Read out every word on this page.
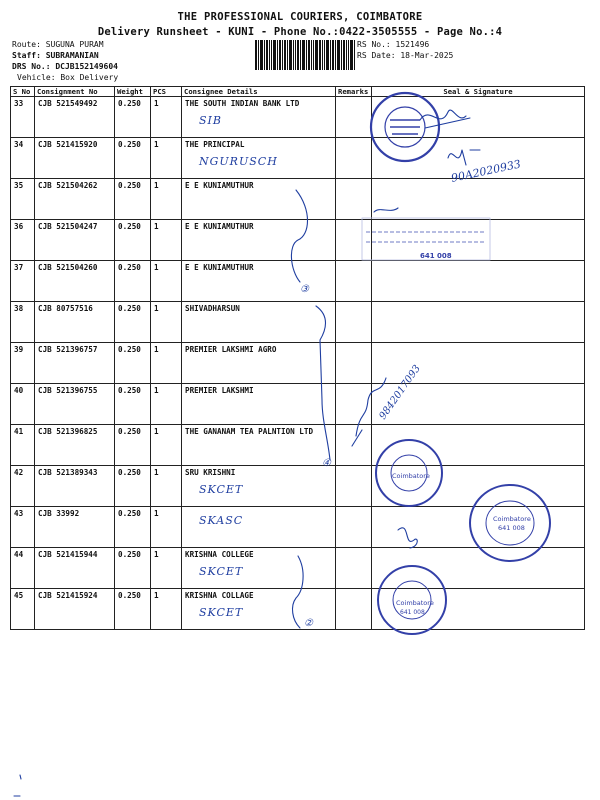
THE PROFESSIONAL COURIERS, COIMBATORE
Delivery Runsheet - KUNI - Phone No.:0422-3505555 - Page No.:4
Route: SUGUNA PURAM
Staff: SUBRAMANIAN
DRS No.: DCJB152149604
Vehicle: Box Delivery
RS No.: 1521496
RS Date: 18-Mar-2025
S No	Consignment No	Weight	PCS	Consignee Details	Remarks	Seal & Signature
33	CJB 521549492	0.250	1	THE SOUTH INDIAN BANK LTD
SIB		

34	CJB 521415920	0.250	1	THE PRINCIPAL
NGURUSCH		

35	CJB 521504262	0.250	1	E E KUNIAMUTHUR		
36	CJB 521504247	0.250	1	E E KUNIAMUTHUR		
37	CJB 521504260	0.250	1	E E KUNIAMUTHUR		
38	CJB 80757516	0.250	1	SHIVADHARSUN		
39	CJB 521396757	0.250	1	PREMIER LAKSHMI AGRO		
40	CJB 521396755	0.250	1	PREMIER LAKSHMI		
41	CJB 521396825	0.250	1	THE GANANAM TEA PALNTION LTD		
42	CJB 521389343	0.250	1	SRU KRISHNI
SKCET		

43	CJB 33992	0.250	1	SKASC		

44	CJB 521415944	0.250	1	KRISHNA COLLEGE
SKCET		

45	CJB 521415924	0.250	1	KRISHNA COLLAGE
SKCET		

90A2020933
③
641 008
④
9842017093
Coimbatore
Coimbatore
641 008
②
Coimbatore
641 008
